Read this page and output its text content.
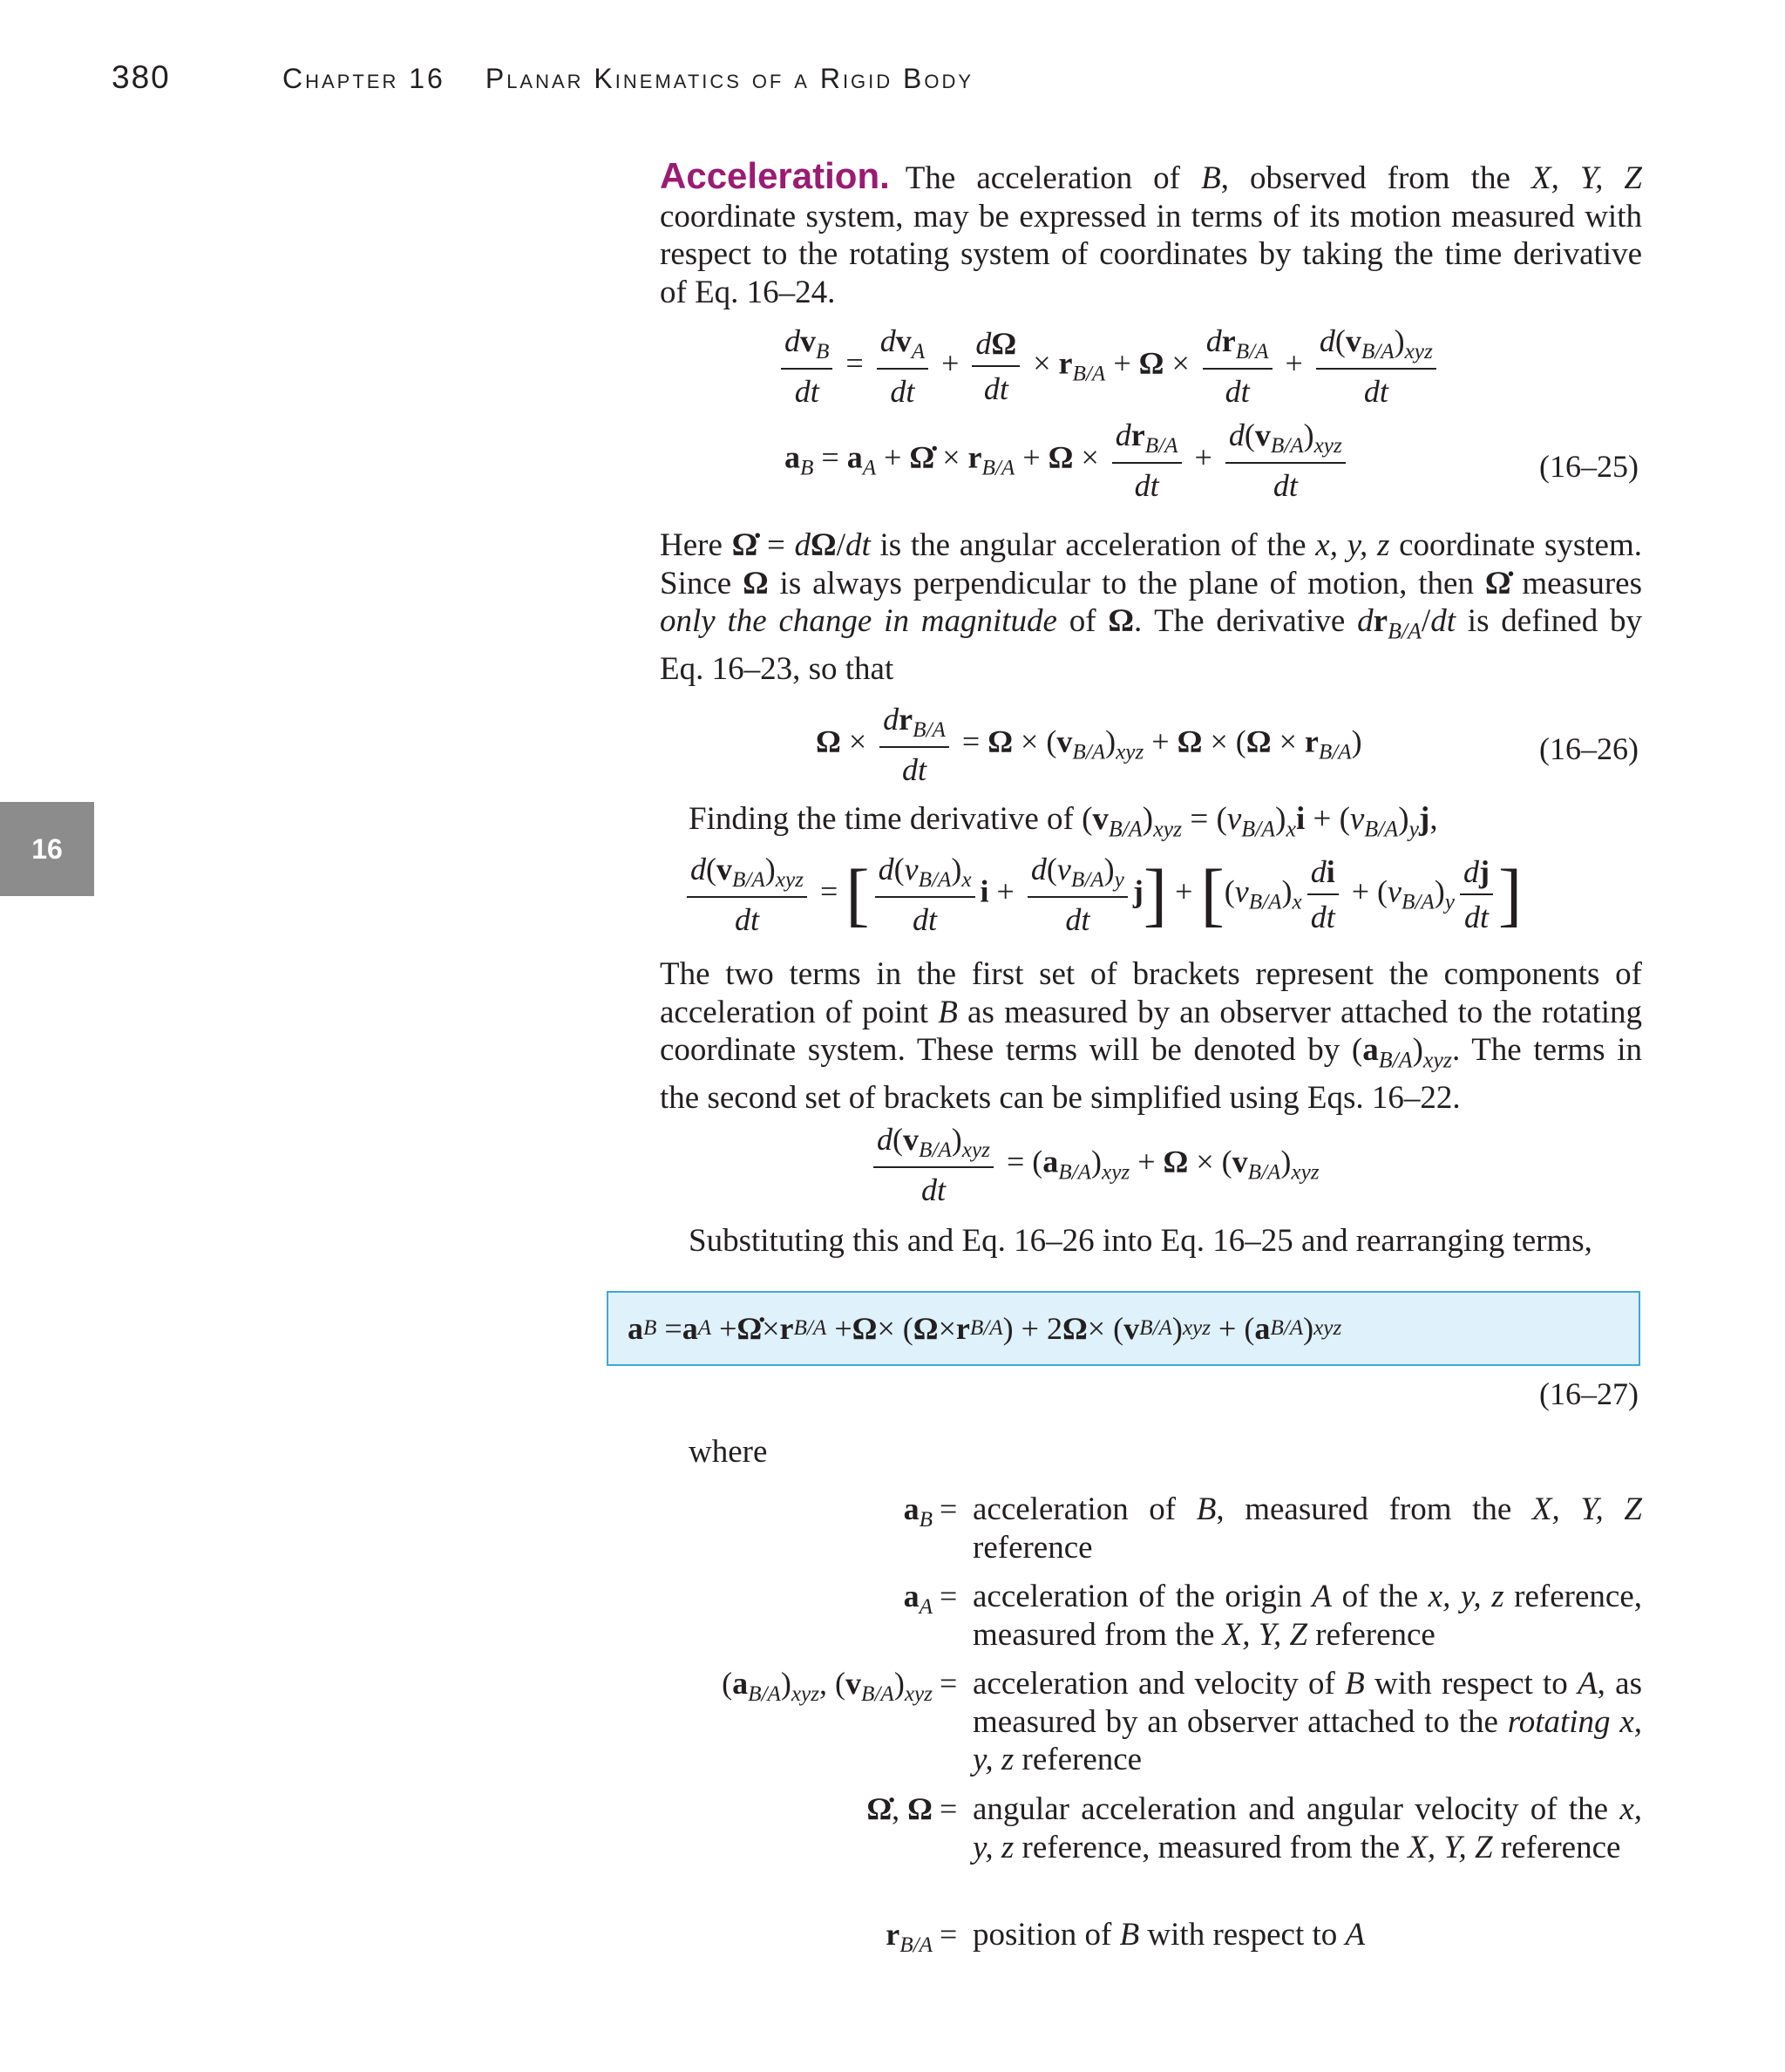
380	Chapter 16 Planar Kinematics of a Rigid Body
16
Acceleration. The acceleration of B, observed from the X, Y, Z coordinate system, may be expressed in terms of its motion measured with respect to the rotating system of coordinates by taking the time derivative of Eq. 16–24.
$\frac{dv_B}{dt} = \frac{dv_A}{dt} + \frac{d\Omega}{dt} \times r_{B/A} + \Omega \times \frac{dr_{B/A}}{dt} + \frac{d(v_{B/A})_{xyz}}{dt}$
$a_B = a_A$ + Ω̇ × $r_{B/A} + \Omega \times \frac{dr_{B/A}}{dt} + \frac{d(v_{B/A})_{xyz}}{dt}$	(16–25)
Here Ω̇ = dΩ/dt is the angular acceleration of the x, y, z coordinate system. Since Ω is always perpendicular to the plane of motion, then Ω̇ measures only the change in magnitude of Ω. The derivative $dr_{B/A}/dt$ is defined by Eq. 16–23, so that
$\Omega \times \frac{dr_{B/A}}{dt} = \Omega \times (v_{B/A})_{xyz} + \Omega \times (\Omega \times r_{B/A})$	(16–26)
Finding the time derivative of $(v_{B/A})_{xyz} = (v_{B/A})_xi + (v_{B/A})_yj$,
$\frac{d(v_{B/A})_{xyz}}{dt}$ = [ $\frac{d(v_{B/A})_x}{dt}$ $i + \frac{d(v_{B/A})_y}{dt} j] + [(v_{B/A})_x \frac{di}{dt} + (v_{B/A})_y \frac{dj}{dt}$ ]
The two terms in the first set of brackets represent the components of acceleration of point B as measured by an observer attached to the rotating coordinate system. These terms will be denoted by $(a_{B/A})_{xyz}$. The terms in the second set of brackets can be simplified using Eqs. 16–22.
$\frac{d(v_{B/A})_{xyz}}{dt} = (a_{B/A})_{xyz} + \Omega \times (v_{B/A})_{xyz}$
Substituting this and Eq. 16–26 into Eq. 16–25 and rearranging terms,
a B = a A + Ω̇ × r B/A + Ω × ( Ω × r B/A ) + 2 Ω × ( v B/A ) xyz + ( a B/A ) xyz
(16–27)
where
$a_B$ = acceleration of B, measured from the X, Y, Z reference
$a_A$ = acceleration of the origin A of the x, y, z reference, measured from the X, Y, Z reference
$(a_{B/A})_{xyz}$, $(v_{B/A})_{xyz}$ = acceleration and velocity of B with respect to A, as measured by an observer attached to the rotating x, y, z reference
Ω̇, Ω = angular acceleration and angular velocity of the x, y, z reference, measured from the X, Y, Z reference
$r_{B/A}$ = position of B with respect to A
